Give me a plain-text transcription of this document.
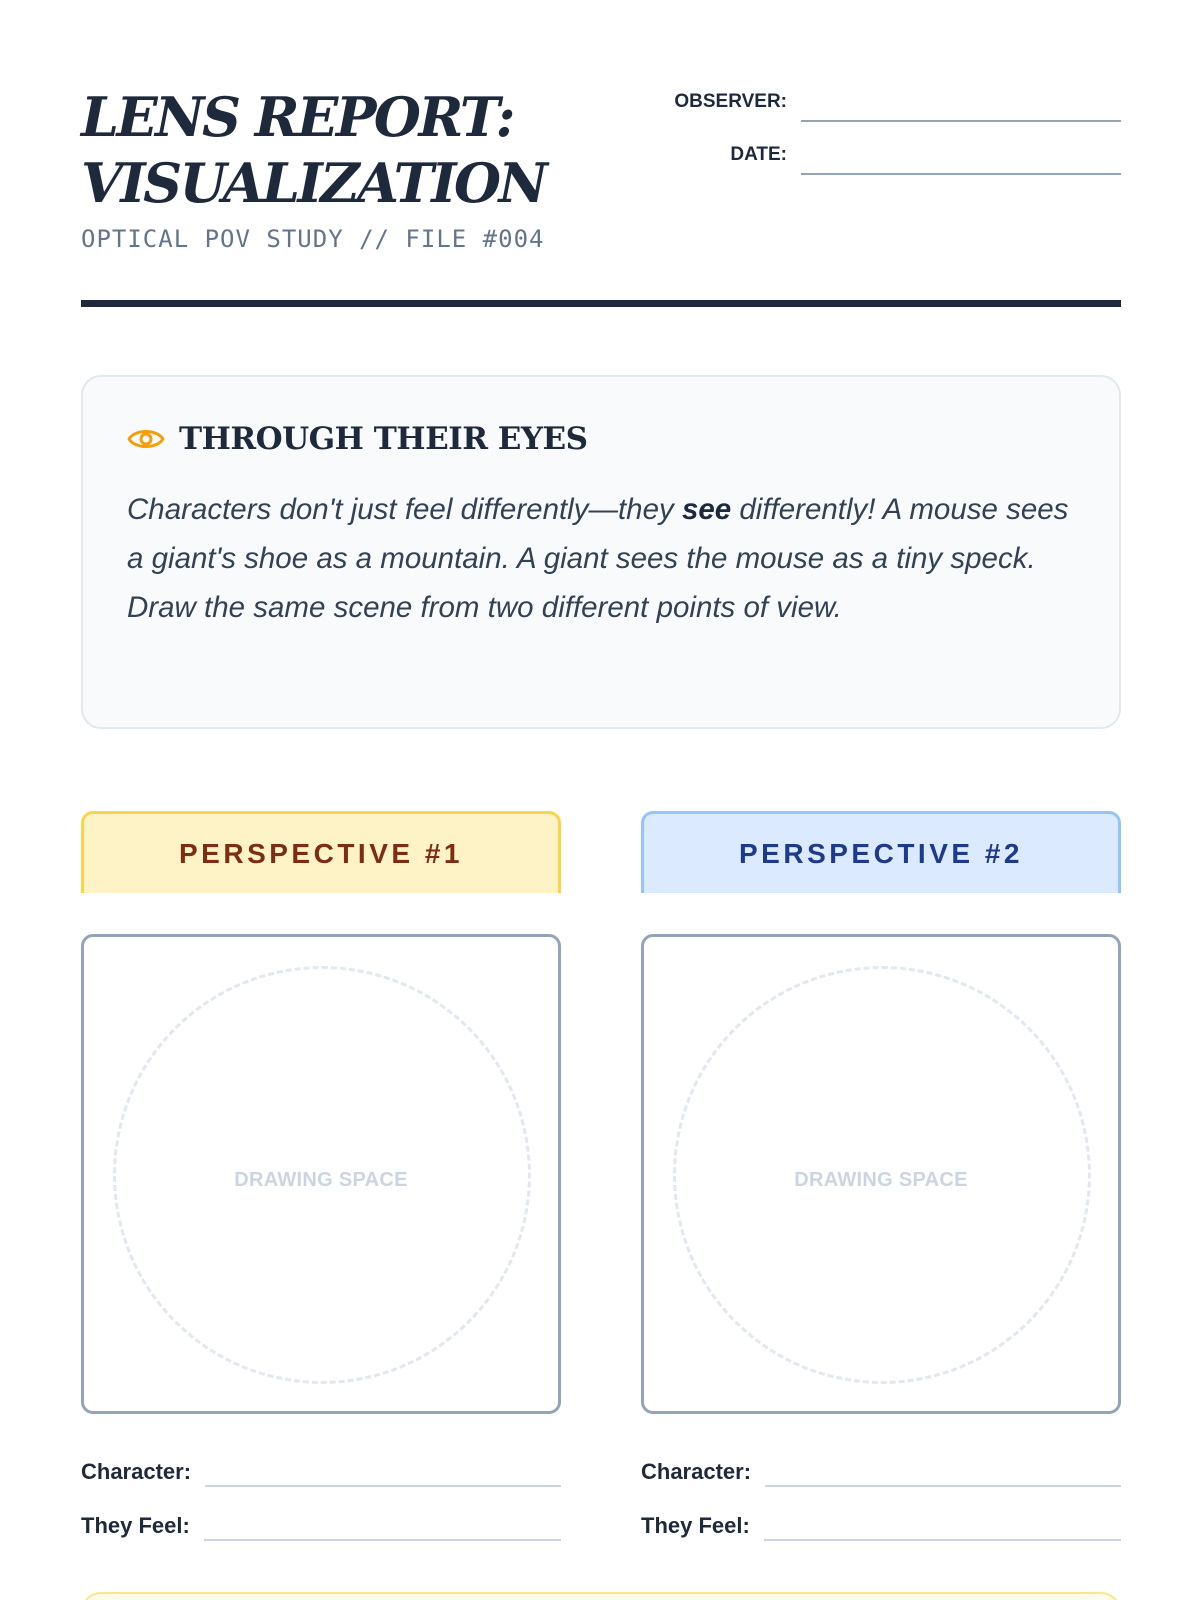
LENS REPORT:
VISUALIZATION
OPTICAL POV STUDY // FILE #004
OBSERVER:
DATE:
THROUGH THEIR EYES

Characters don't just feel differently—they see differently! A mouse sees a giant's shoe as a mountain. A giant sees the mouse as a tiny speck. Draw the same scene from two different points of view.

PERSPECTIVE #1
DRAWING SPACE
Character:
They Feel:
PERSPECTIVE #2
DRAWING SPACE
Character:
They Feel:
